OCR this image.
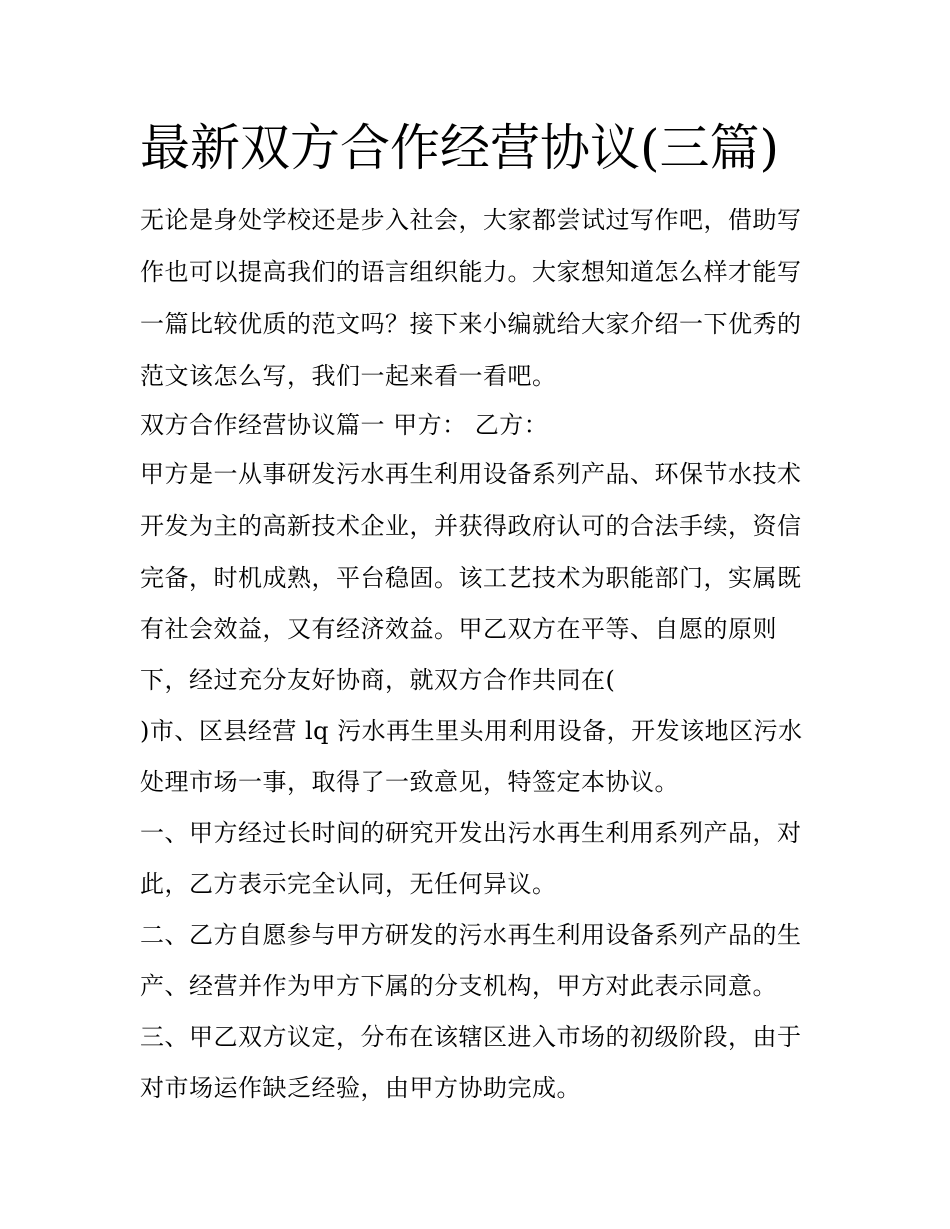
最新双方合作经营协议(三篇)

无论是身处学校还是步入社会，大家都尝试过写作吧，借助写

作也可以提高我们的语言组织能力。大家想知道怎么样才能写

一篇比较优质的范文吗？接下来小编就给大家介绍一下优秀的

范文该怎么写，我们一起来看一看吧。

双方合作经营协议篇一 甲方： 乙方：

甲方是一从事研发污水再生利用设备系列产品、环保节水技术

开发为主的高新技术企业，并获得政府认可的合法手续，资信

完备，时机成熟，平台稳固。该工艺技术为职能部门，实属既

有社会效益，又有经济效益。甲乙双方在平等、自愿的原则

下，经过充分友好协商，就双方合作共同在(

)市、区县经营 lq 污水再生里头用利用设备，开发该地区污水

处理市场一事，取得了一致意见，特签定本协议。

一、甲方经过长时间的研究开发出污水再生利用系列产品，对

此，乙方表示完全认同，无任何异议。

二、乙方自愿参与甲方研发的污水再生利用设备系列产品的生

产、经营并作为甲方下属的分支机构，甲方对此表示同意。

三、甲乙双方议定，分布在该辖区进入市场的初级阶段，由于

对市场运作缺乏经验，由甲方协助完成。
